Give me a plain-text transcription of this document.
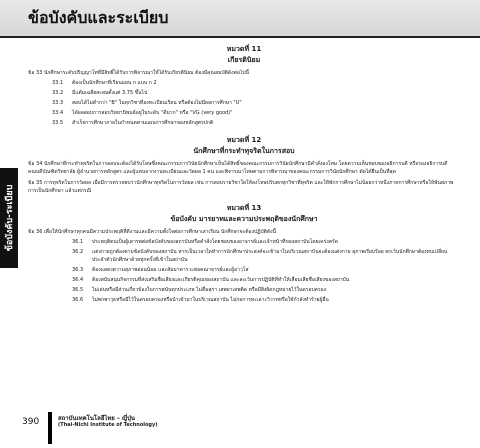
ข้อบังคับและระเบียบ
ข้อบังคับ-ระเบียบ
หมวดที่ 11
เกียรตินิยม
ข้อ 33 นักศึกษาระดับปริญญาโทที่มีสิทธิ์ได้รับการพิจารณาให้ได้รับเกียรตินิยม ต้องมีคุณสมบัติดังต่อไปนี้
33.1 ต้องเป็นนักศึกษาที่เรียนแผน ก แบบ ก 2
33.2 มีแต้มเฉลี่ยสะสมตั้งแต่ 3.75 ขึ้นไป
33.3 สอบได้ไม่ต่ำกว่า "B" ในทุกวิชาที่ลงทะเบียนเรียน หรือต้องไม่มีผลการศึกษา "U"
33.4 ได้ผลสอบการสอบวิทยานิพนธ์อยู่ในระดับ "ดีมาก" หรือ "VG (very good)"
33.5 สำเร็จการศึกษาภายในกำหนดตามแผนการศึกษาของหลักสูตรปกติ
หมวดที่ 12
นักศึกษาที่กระทำทุจริตในการสอบ
ข้อ 34 นักศึกษาที่กระทำทุจริตในการสอบจะต้องได้รับโทษซึ่งคณะกรรมการวินัยนักศึกษาเห็นได้สิทธิ์ของคณะกรรมการวินัยนักศึกษามีคำสั่งลงโทษ โดยความเห็นชอบของอธิการบดี หรือรองอธิการบดี คณบดีบัณฑิตวิทยาลัย ผู้อำนวยการหลักสูตร และผู้แทนจากงานทะเบียนและวัดผล 1 คน และพิจารณาโทษตามการพิจารณาของคณะกรรมการวินัยนักศึกษา ตัดได้ยืนเป็นที่สุด
ข้อ 35 การทุจริตในการวัดผล เมื่อมีการตรวจพบว่านักศึกษาทุจริตในการวัดผล เช่น การสอบรายวิชาใดให้ลงโทษปรับตกทุกวิชาที่ทุจริต และให้พักการศึกษาไม่น้อยกว่าหนึ่งภาคการศึกษาหรือให้พ้นสภาพการเป็นนักศึกษา แล้วแต่กรณี
หมวดที่ 13
ข้อบังคับ มารยาทและความประพฤติของนักศึกษา
ข้อ 36 เพื่อให้นักศึกษาทุกคนมีความประพฤติที่ดีงามและมีความตั้งใจต่อการศึกษาเล่าเรียน นักศึกษาจะต้องปฏิบัติดังนี้
36.1 ประพฤติตนเป็นผู้เคารพต่อข้อบังคับของสถาบันหรือคำสั่งโดยชอบของอาจารย์และเจ้าหน้าที่ของสถาบันโดยเคร่งครัด
36.2 แต่งกายถูกต้องตามข้อบังคับของสถาบัน หากเป็นเวลาใดทำการนักศึกษาประสงค์จะเข้ามาในบริเวณสถาบันจะต้องแต่งกาย สุภาพเรียบร้อย ยกเว้นนักศึกษาต้องทบเปลี่ยนประจำตัวนักศึกษาด้วยทุกครั้งที่เข้าในสถาบัน
36.3 ต้องแสดงความสุภาพอ่อนน้อม และสัมมาคารวะต่อคณาจารย์และผู้อาวุโส
36.4 ต้องสนับสนุนกิจกรรมที่ส่งเสริมชื่อเสียงและเกียรติคุณของสถาบัน และละเว้นการปฏิบัติที่ทำให้เสื่อมเสียชื่อเสียงของสถาบัน
36.5 ไม่เล่นหรือมีส่วนเกี่ยวข้องในการพนันทุกประเภท ไม่ดื่มสุรา เสพยาเสพติด หรือมีสิ่งผิดกฎหมายไว้ในครอบครอง
36.6 ไม่พกพาวุธหรือมีไว้ในครอบครองหรือนำเข้ามาในบริเวณสถาบัน ไม่ก่อการทะเลาะวิวาทหรือใช้กำลังทำร้ายผู้อื่น
390	สถาบันเทคโนโลยีไทย – ญี่ปุ่น
(Thai-Nichi Institute of Technology)
